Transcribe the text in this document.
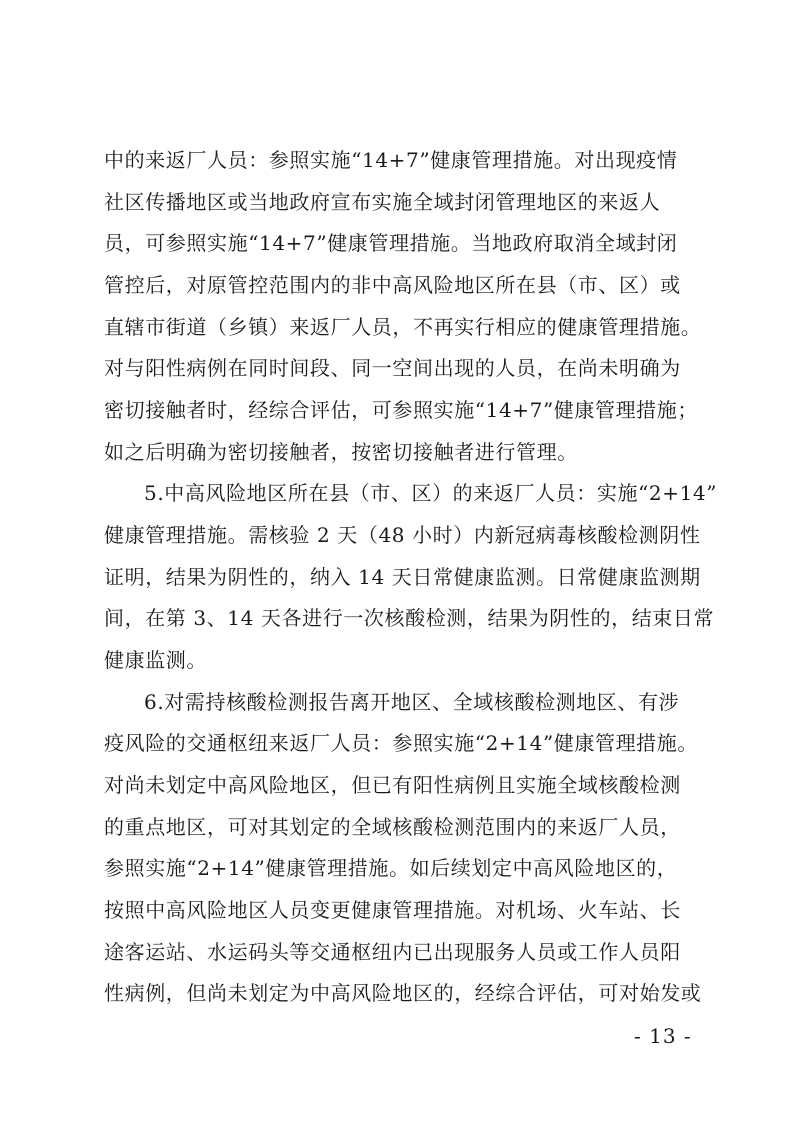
中的来返厂人员：参照实施“14+7”健康管理措施。对出现疫情
社区传播地区或当地政府宣布实施全域封闭管理地区的来返人
员，可参照实施“14+7”健康管理措施。当地政府取消全域封闭
管控后，对原管控范围内的非中高风险地区所在县（市、区）或
直辖市街道（乡镇）来返厂人员，不再实行相应的健康管理措施。
对与阳性病例在同时间段、同一空间出现的人员，在尚未明确为
密切接触者时，经综合评估，可参照实施“14+7”健康管理措施；
如之后明确为密切接触者，按密切接触者进行管理。
5.中高风险地区所在县（市、区）的来返厂人员：实施“2+14”
健康管理措施。需核验 2 天（48 小时）内新冠病毒核酸检测阴性
证明，结果为阴性的，纳入 14 天日常健康监测。日常健康监测期
间，在第 3、14 天各进行一次核酸检测，结果为阴性的，结束日常
健康监测。
6.对需持核酸检测报告离开地区、全域核酸检测地区、有涉
疫风险的交通枢纽来返厂人员：参照实施“2+14”健康管理措施。
对尚未划定中高风险地区，但已有阳性病例且实施全域核酸检测
的重点地区，可对其划定的全域核酸检测范围内的来返厂人员，
参照实施“2+14”健康管理措施。如后续划定中高风险地区的，
按照中高风险地区人员变更健康管理措施。对机场、火车站、长
途客运站、水运码头等交通枢纽内已出现服务人员或工作人员阳
性病例，但尚未划定为中高风险地区的，经综合评估，可对始发或
- 13 -
